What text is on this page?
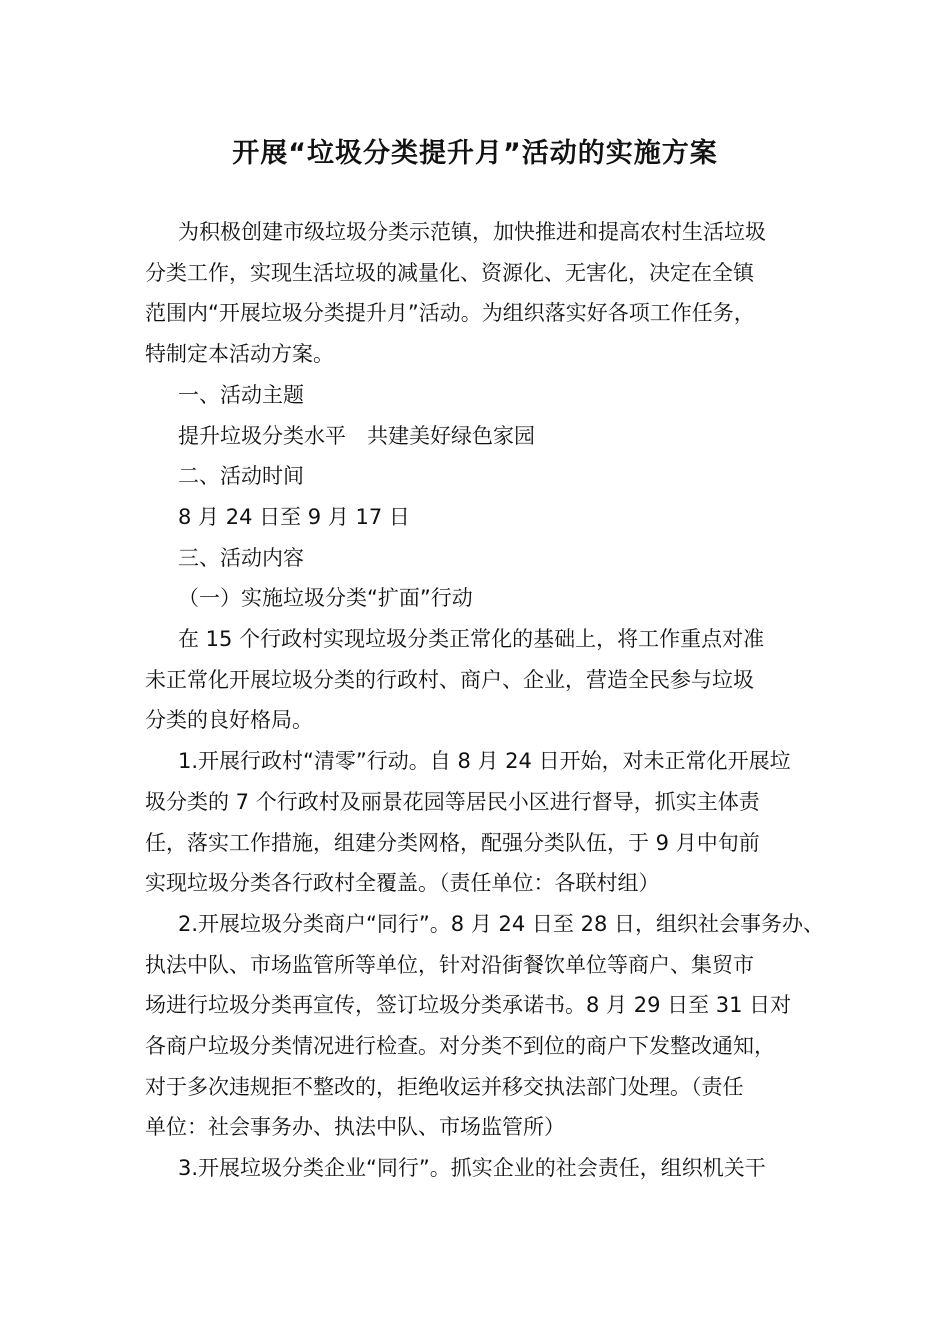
开展“垃圾分类提升月”活动的实施方案

为积极创建市级垃圾分类示范镇，加快推进和提高农村生活垃圾

分类工作，实现生活垃圾的减量化、资源化、无害化，决定在全镇

范围内“开展垃圾分类提升月”活动。为组织落实好各项工作任务，

特制定本活动方案。

一、活动主题

提升垃圾分类水平　共建美好绿色家园

二、活动时间

8 月 24 日至 9 月 17 日

三、活动内容

（一）实施垃圾分类“扩面”行动

在 15 个行政村实现垃圾分类正常化的基础上，将工作重点对准

未正常化开展垃圾分类的行政村、商户、企业，营造全民参与垃圾

分类的良好格局。

1.开展行政村“清零”行动。自 8 月 24 日开始，对未正常化开展垃

圾分类的 7 个行政村及丽景花园等居民小区进行督导，抓实主体责

任，落实工作措施，组建分类网格，配强分类队伍，于 9 月中旬前

实现垃圾分类各行政村全覆盖。（责任单位：各联村组）

2.开展垃圾分类商户“同行”。8 月 24 日至 28 日，组织社会事务办、

执法中队、市场监管所等单位，针对沿街餐饮单位等商户、集贸市

场进行垃圾分类再宣传，签订垃圾分类承诺书。8 月 29 日至 31 日对

各商户垃圾分类情况进行检查。对分类不到位的商户下发整改通知，

对于多次违规拒不整改的，拒绝收运并移交执法部门处理。（责任

单位：社会事务办、执法中队、市场监管所）

3.开展垃圾分类企业“同行”。抓实企业的社会责任，组织机关干
